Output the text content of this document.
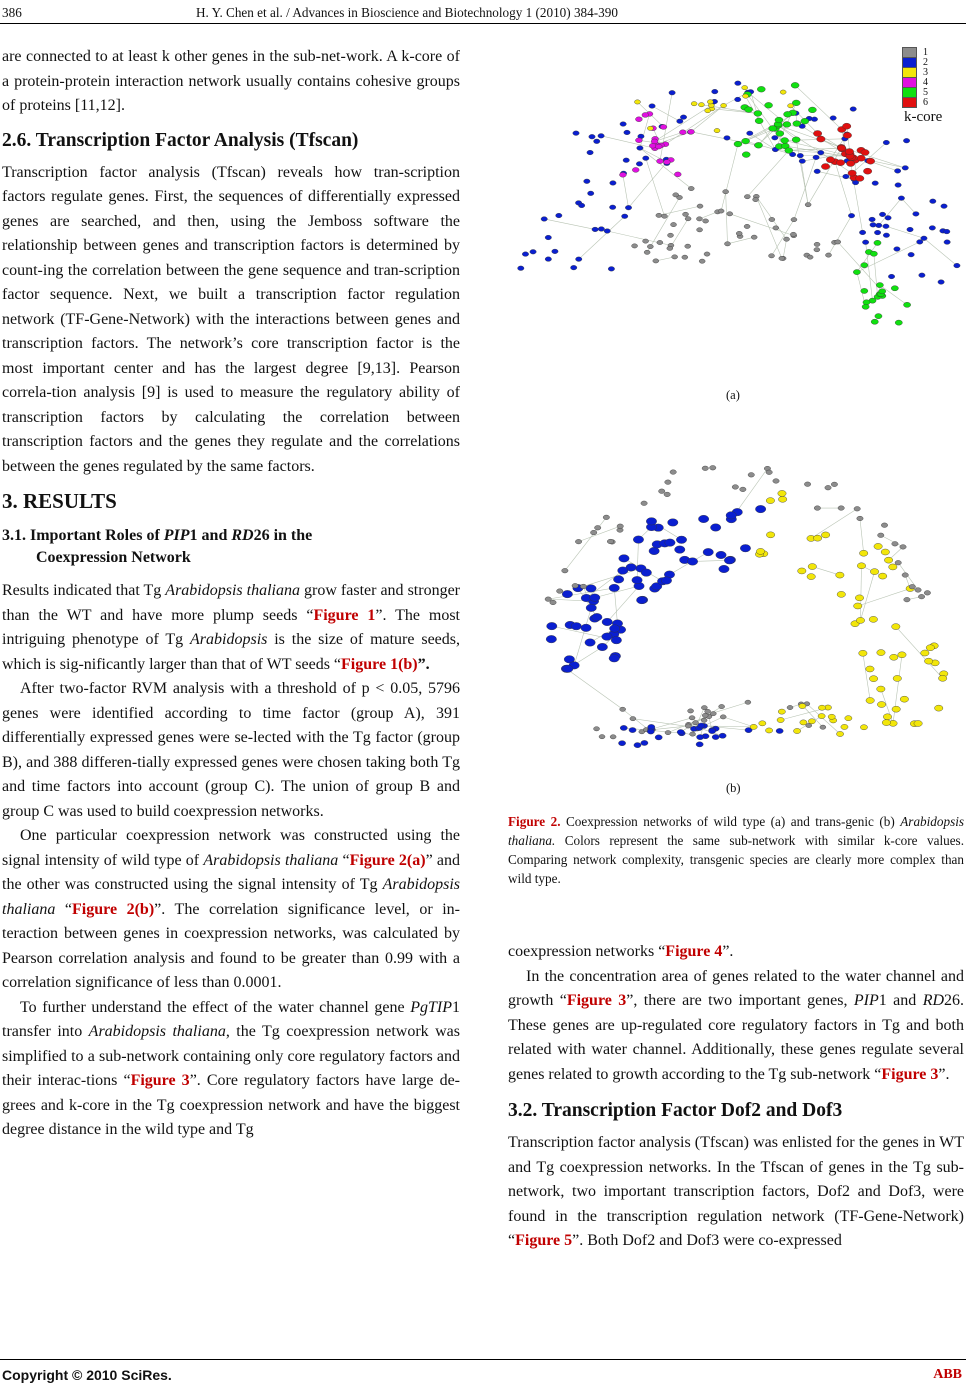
386	H. Y. Chen et al. / Advances in Bioscience and Biotechnology 1 (2010) 384-390

are connected to at least k other genes in the sub-net-work. A k-core of a protein-protein interaction network usually contains cohesive groups of proteins [11,12].

2.6. Transcription Factor Analysis (Tfscan)

Transcription factor analysis (Tfscan) reveals how tran-scription factors regulate genes. First, the sequences of differentially expressed genes are searched, and then, using the Jemboss software the relationship between genes and transcription factors is determined by count-ing the correlation between the gene sequence and tran-scription factor sequence. Next, we built a transcription factor regulation network (TF-Gene-Network) with the interactions between genes and transcription factors. The network’s core transcription factor is the most important center and has the largest degree [9,13]. Pearson correla-tion analysis [9] is used to measure the regulatory ability of transcription factors by calculating the correlation between transcription factors and the genes they regulate and the correlations between the genes regulated by the same factors.

3. RESULTS
3.1. Important Roles of PIP1 and RD26 in the
Coexpression Network

Results indicated that Tg Arabidopsis thaliana grow faster and stronger than the WT and have more plump seeds “Figure 1”. The most intriguing phenotype of Tg Arabidopsis is the size of mature seeds, which is sig-nificantly larger than that of WT seeds “Figure 1(b)”.

After two-factor RVM analysis with a threshold of p < 0.05, 5796 genes were identified according to time factor (group A), 391 differentially expressed genes were se-lected with the Tg factor (group B), and 388 differen-tially expressed genes were chosen taking both Tg and time factors into account (group C). The union of group B and group C was used to build coexpression networks.

One particular coexpression network was constructed using the signal intensity of wild type of Arabidopsis thaliana “Figure 2(a)” and the other was constructed using the signal intensity of Tg Arabidopsis thaliana “Figure 2(b)”. The correlation significance level, or in-teraction between genes in coexpression networks, was calculated by Pearson correlation analysis and found to be greater than 0.99 with a correlation significance of less than 0.0001.

To further understand the effect of the water channel gene PgTIP1 transfer into Arabidopsis thaliana, the Tg coexpression network was simplified to a sub-network containing only core regulatory factors and their interac-tions “Figure 3”. Core regulatory factors have large de-grees and k-core in the Tg coexpression network and have the biggest degree distance in the wild type and Tg

1
2
3
4
5
6
k-core
(a)
(b)
Figure 2. Coexpression networks of wild type (a) and trans-genic (b) Arabidopsis thaliana. Colors represent the same sub-network with similar k-core values. Comparing network complexity, transgenic species are clearly more complex than wild type.

coexpression networks “Figure 4”.

In the concentration area of genes related to the water channel and growth “Figure 3”, there are two important genes, PIP1 and RD26. These genes are up-regulated core regulatory factors in Tg and both related with water channel. Additionally, these genes regulate several genes related to growth according to the Tg sub-network “Figure 3”.

3.2. Transcription Factor Dof2 and Dof3

Transcription factor analysis (Tfscan) was enlisted for the genes in WT and Tg coexpression networks. In the Tfscan of genes in the Tg sub-network, two important transcription factors, Dof2 and Dof3, were found in the transcription regulation network (TF-Gene-Network) “Figure 5”. Both Dof2 and Dof3 were co-expressed

Copyright © 2010 SciRes.	ABB
